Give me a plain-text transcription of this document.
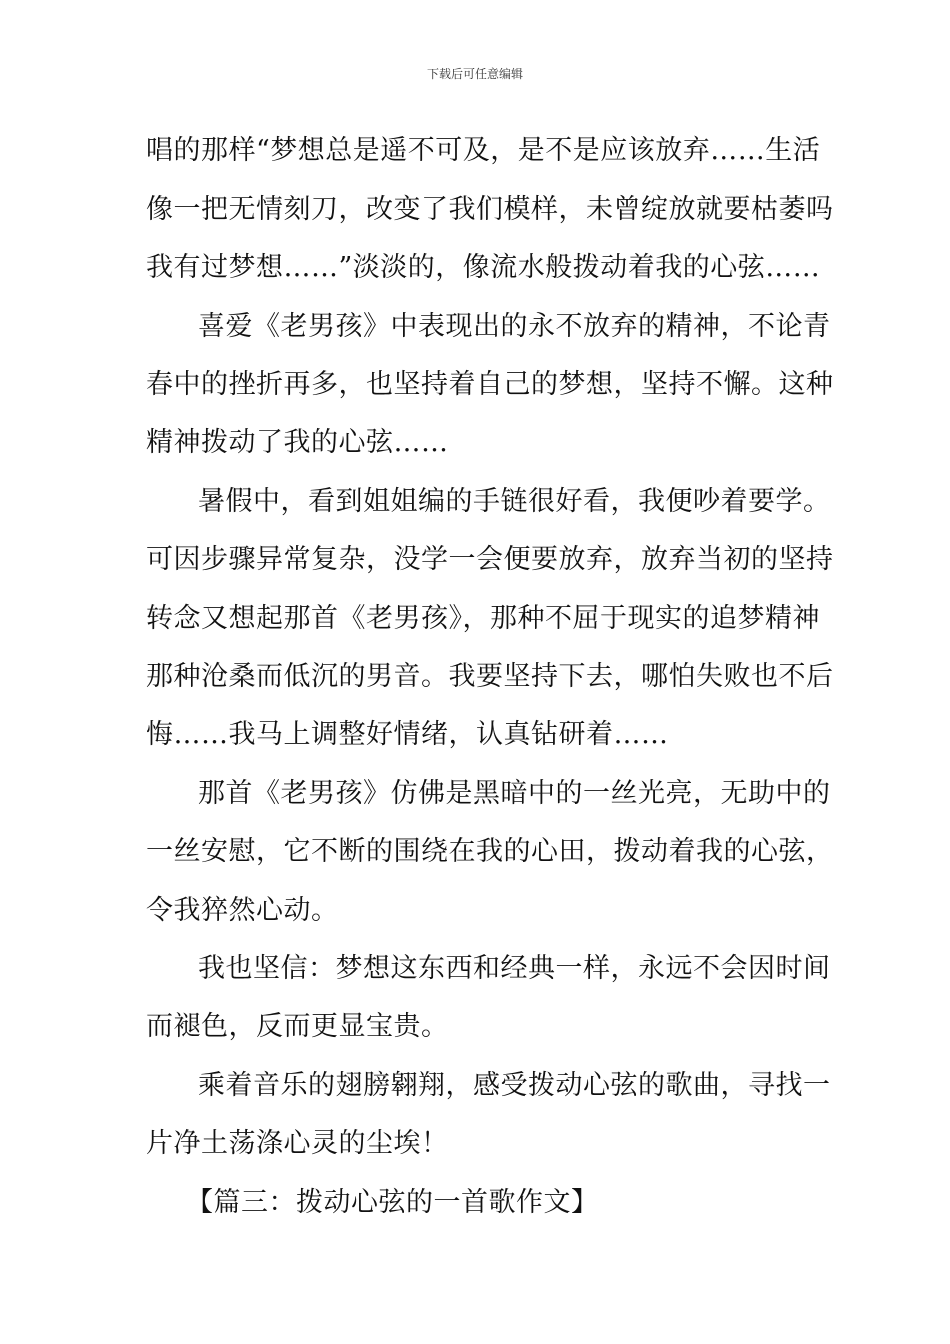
下载后可任意编辑
唱的那样“梦想总是遥不可及，是不是应该放弃……生活
像一把无情刻刀，改变了我们模样，未曾绽放就要枯萎吗
我有过梦想……”淡淡的，像流水般拨动着我的心弦……
喜爱《老男孩》中表现出的永不放弃的精神，不论青
春中的挫折再多，也坚持着自己的梦想，坚持不懈。这种
精神拨动了我的心弦……
暑假中，看到姐姐编的手链很好看，我便吵着要学。
可因步骤异常复杂，没学一会便要放弃，放弃当初的坚持
转念又想起那首《老男孩》，那种不屈于现实的追梦精神
那种沧桑而低沉的男音。我要坚持下去，哪怕失败也不后
悔……我马上调整好情绪，认真钻研着……
那首《老男孩》仿佛是黑暗中的一丝光亮，无助中的
一丝安慰，它不断的围绕在我的心田，拨动着我的心弦，
令我猝然心动。
我也坚信：梦想这东西和经典一样，永远不会因时间
而褪色，反而更显宝贵。
乘着音乐的翅膀翱翔，感受拨动心弦的歌曲，寻找一
片净土荡涤心灵的尘埃！
【篇三：拨动心弦的一首歌作文】
